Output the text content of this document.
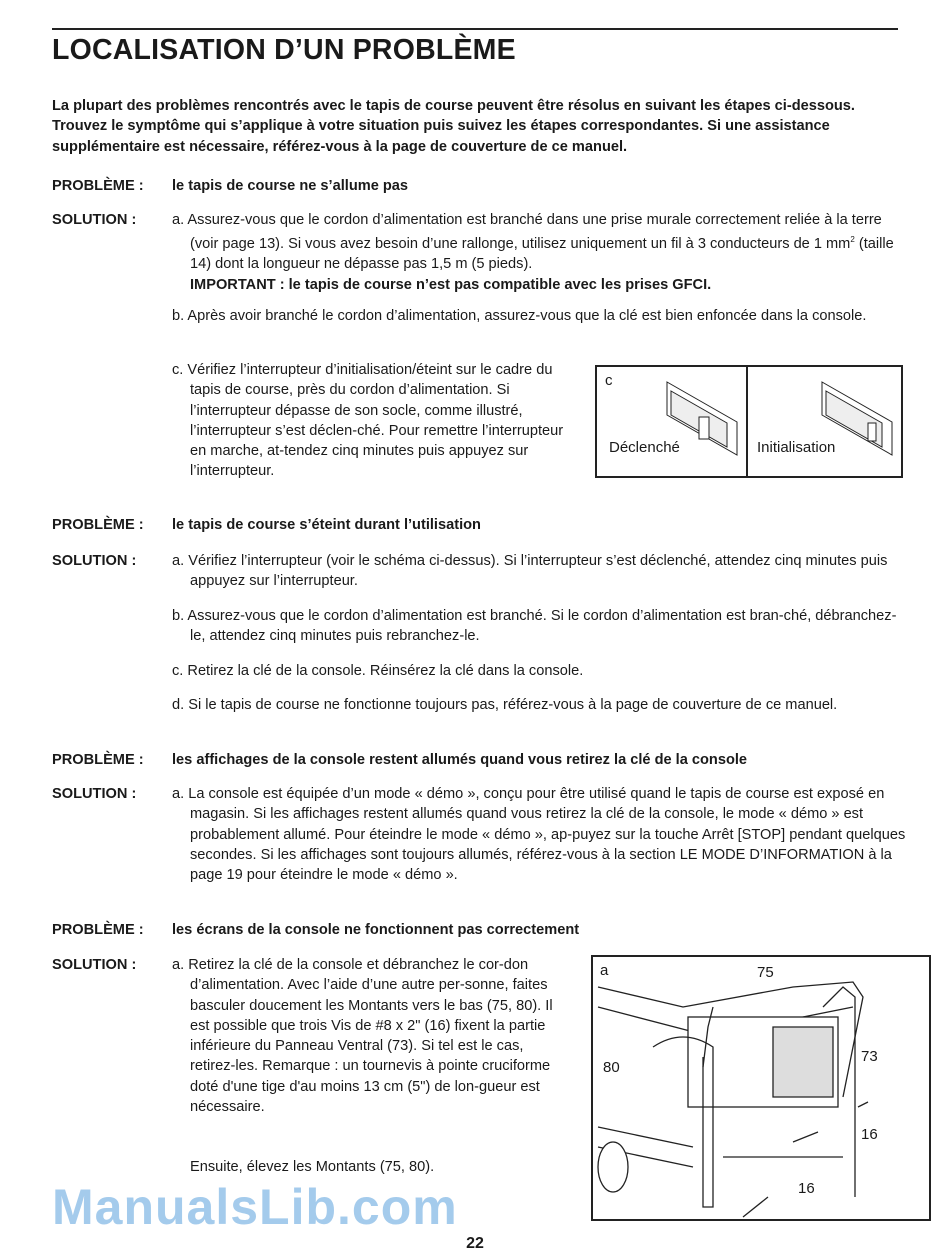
LOCALISATION D’UN PROBLÈME
La plupart des problèmes rencontrés avec le tapis de course peuvent être résolus en suivant les étapes ci-dessous. Trouvez le symptôme qui s’applique à votre situation puis suivez les étapes correspondantes. Si une assistance supplémentaire est nécessaire, référez-vous à la page de couverture de ce manuel.
PROBLÈME : le tapis de course ne s’allume pas
SOLUTION : a. Assurez-vous que le cordon d’alimentation est branché dans une prise murale correctement reliée à la terre (voir page 13). Si vous avez besoin d’une rallonge, utilisez uniquement un fil à 3 conducteurs de 1 $mm^2$ (taille 14) dont la longueur ne dépasse pas 1,5 m (5 pieds).
IMPORTANT : le tapis de course n’est pas compatible avec les prises GFCI.
b. Après avoir branché le cordon d’alimentation, assurez-vous que la clé est bien enfoncée dans la console.
c. Vérifiez l’interrupteur d’initialisation/éteint sur le cadre du tapis de course, près du cordon d’alimentation. Si l’interrupteur dépasse de son socle, comme illustré, l’interrupteur s’est déclen-ché. Pour remettre l’interrupteur en marche, at-tendez cinq minutes puis appuyez sur l’interrupteur.
c
Déclenché	Initialisation
PROBLÈME : le tapis de course s’éteint durant l’utilisation
SOLUTION : a. Vérifiez l’interrupteur (voir le schéma ci-dessus). Si l’interrupteur s’est déclenché, attendez cinq minutes puis appuyez sur l’interrupteur.
b. Assurez-vous que le cordon d’alimentation est branché. Si le cordon d’alimentation est bran-ché, débranchez-le, attendez cinq minutes puis rebranchez-le.
c. Retirez la clé de la console. Réinsérez la clé dans la console.
d. Si le tapis de course ne fonctionne toujours pas, référez-vous à la page de couverture de ce manuel.
PROBLÈME : les affichages de la console restent allumés quand vous retirez la clé de la console
SOLUTION : a. La console est équipée d’un mode « démo », conçu pour être utilisé quand le tapis de course est exposé en magasin. Si les affichages restent allumés quand vous retirez la clé de la console, le mode « démo » est probablement allumé. Pour éteindre le mode « démo », ap-puyez sur la touche Arrêt [STOP] pendant quelques secondes. Si les affichages sont toujours allumés, référez-vous à la section LE MODE D’INFORMATION à la page 19 pour éteindre le mode « démo ».
PROBLÈME : les écrans de la console ne fonctionnent pas correctement
SOLUTION : a. Retirez la clé de la console et débranchez le cor-don d’alimentation. Avec l’aide d’une autre per-sonne, faites basculer doucement les Montants vers le bas (75, 80). Il est possible que trois Vis de #8 x 2" (16) fixent la partie inférieure du Panneau Ventral (73). Si tel est le cas, retirez-les. Remarque : un tournevis à pointe cruciforme doté d'une tige d'au moins 13 cm (5") de lon-gueur est nécessaire.
Ensuite, élevez les Montants (75, 80).
a	75
73
80
16
16
ManualsLib.com
22
